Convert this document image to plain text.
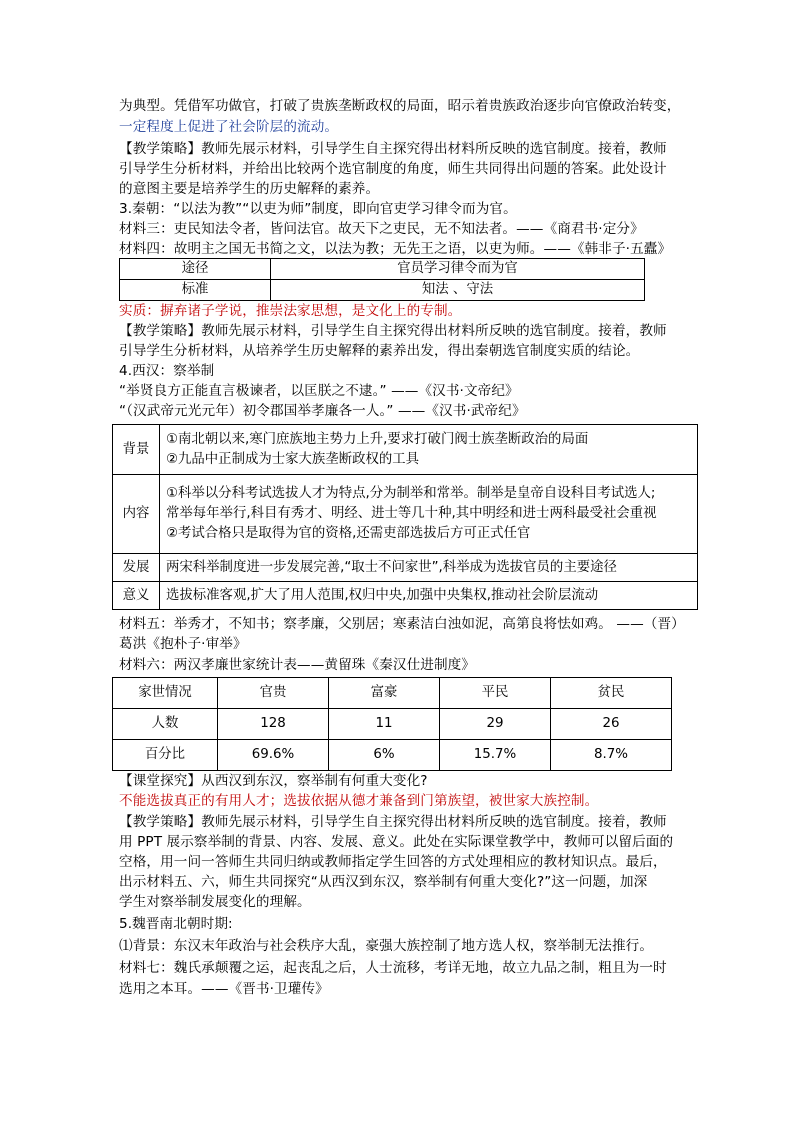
为典型。凭借军功做官，打破了贵族垄断政权的局面，昭示着贵族政治逐步向官僚政治转变，
一定程度上促进了社会阶层的流动。
【教学策略】教师先展示材料，引导学生自主探究得出材料所反映的选官制度。接着，教师
引导学生分析材料，并给出比较两个选官制度的角度，师生共同得出问题的答案。此处设计
的意图主要是培养学生的历史解释的素养。
3.秦朝：“以法为教”“以吏为师”制度，即向官吏学习律令而为官。
材料三：吏民知法令者，皆问法官。故天下之吏民，无不知法者。——《商君书·定分》
材料四：故明主之国无书简之文，以法为教；无先王之语，以吏为师。——《韩非子·五蠹》
途径	官员学习律令而为官
标准	知法 、守法
实质：摒弃诸子学说，推崇法家思想，是文化上的专制。
【教学策略】教师先展示材料，引导学生自主探究得出材料所反映的选官制度。接着，教师
引导学生分析材料，从培养学生历史解释的素养出发，得出秦朝选官制度实质的结论。
4.西汉：察举制
“举贤良方正能直言极谏者，以匡朕之不逮。” ——《汉书·文帝纪》
“（汉武帝元光元年）初令郡国举孝廉各一人。” ——《汉书·武帝纪》
背景	①南北朝以来,寒门庶族地主势力上升,要求打破门阀士族垄断政治的局面
②九品中正制成为士家大族垄断政权的工具

内容	①科举以分科考试选拔人才为特点,分为制举和常举。制举是皇帝自设科目考试选人;
常举每年举行,科目有秀才、明经、进士等几十种,其中明经和进士两科最受社会重视
②考试合格只是取得为官的资格,还需吏部选拔后方可正式任官

发展	两宋科举制度进一步发展完善,“取士不问家世”,科举成为选拔官员的主要途径
意义	选拔标准客观,扩大了用人范围,权归中央,加强中央集权,推动社会阶层流动
材料五：举秀才，不知书；察孝廉，父别居；寒素洁白浊如泥，高第良将怯如鸡。 ——（晋）
葛洪《抱朴子·审举》
材料六：两汉孝廉世家统计表——黄留珠《秦汉仕进制度》
家世情况	官贵	富豪	平民	贫民
人数	128	11	29	26
百分比	69.6%	6%	15.7%	8.7%
【课堂探究】从西汉到东汉，察举制有何重大变化?
不能选拔真正的有用人才；选拔依据从德才兼备到门第族望，被世家大族控制。
【教学策略】教师先展示材料，引导学生自主探究得出材料所反映的选官制度。接着，教师
用 PPT 展示察举制的背景、内容、发展、意义。此处在实际课堂教学中，教师可以留后面的
空格，用一问一答师生共同归纳或教师指定学生回答的方式处理相应的教材知识点。最后，
出示材料五、六，师生共同探究“从西汉到东汉，察举制有何重大变化?”这一问题，加深
学生对察举制发展变化的理解。
5.魏晋南北朝时期:
⑴背景：东汉末年政治与社会秩序大乱，豪强大族控制了地方选人权，察举制无法推行。
材料七：魏氏承颠覆之运，起丧乱之后，人士流移，考详无地，故立九品之制，粗且为一时
选用之本耳。——《晋书·卫瓘传》
